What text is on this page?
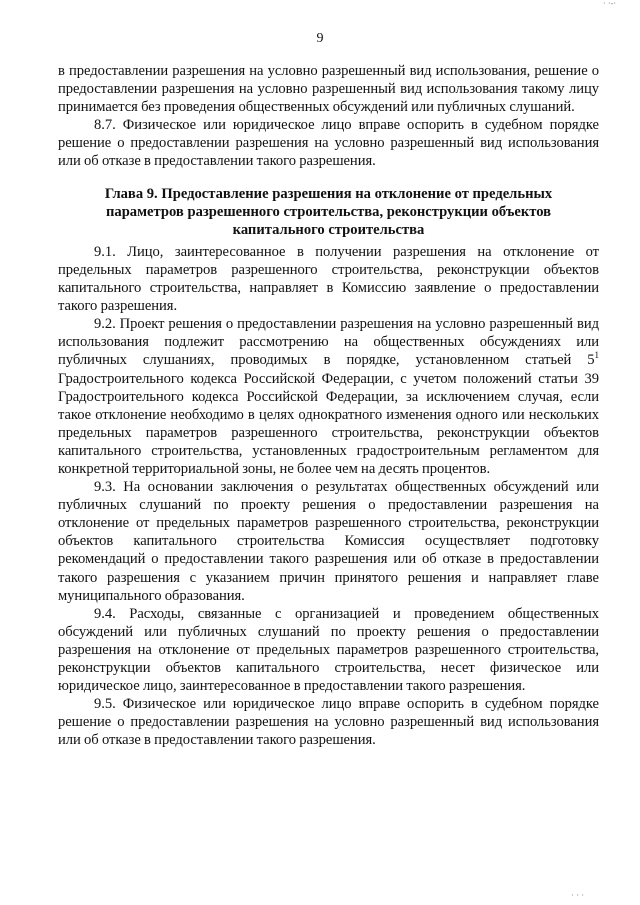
· ·-·
9

в предоставлении разрешения на условно разрешенный вид использования, решение о предоставлении разрешения на условно разрешенный вид использования такому лицу принимается без проведения общественных обсуждений или публичных слушаний.

8.7. Физическое или юридическое лицо вправе оспорить в судебном порядке решение о предоставлении разрешения на условно разрешенный вид использования или об отказе в предоставлении такого разрешения.

Глава 9. Предоставление разрешения на отклонение от предельных параметров разрешенного строительства, реконструкции объектов капитального строительства

9.1. Лицо, заинтересованное в получении разрешения на отклонение от предельных параметров разрешенного строительства, реконструкции объектов капитального строительства, направляет в Комиссию заявление о предоставлении такого разрешения.

9.2. Проект решения о предоставлении разрешения на условно разрешенный вид использования подлежит рассмотрению на общественных обсуждениях или публичных слушаниях, проводимых в порядке, установленном статьей $5^1$ Градостроительного кодекса Российской Федерации, с учетом положений статьи 39 Градостроительного кодекса Российской Федерации, за исключением случая, если такое отклонение необходимо в целях однократного изменения одного или нескольких предельных параметров разрешенного строительства, реконструкции объектов капитального строительства, установленных градостроительным регламентом для конкретной территориальной зоны, не более чем на десять процентов.

9.3. На основании заключения о результатах общественных обсуждений или публичных слушаний по проекту решения о предоставлении разрешения на отклонение от предельных параметров разрешенного строительства, реконструкции объектов капитального строительства Комиссия осуществляет подготовку рекомендаций о предоставлении такого разрешения или об отказе в предоставлении такого разрешения с указанием причин принятого решения и направляет главе муниципального образования.

9.4. Расходы, связанные с организацией и проведением общественных обсуждений или публичных слушаний по проекту решения о предоставлении разрешения на отклонение от предельных параметров разрешенного строительства, реконструкции объектов капитального строительства, несет физическое или юридическое лицо, заинтересованное в предоставлении такого разрешения.

9.5. Физическое или юридическое лицо вправе оспорить в судебном порядке решение о предоставлении разрешения на условно разрешенный вид использования или об отказе в предоставлении такого разрешения.

· · ·
